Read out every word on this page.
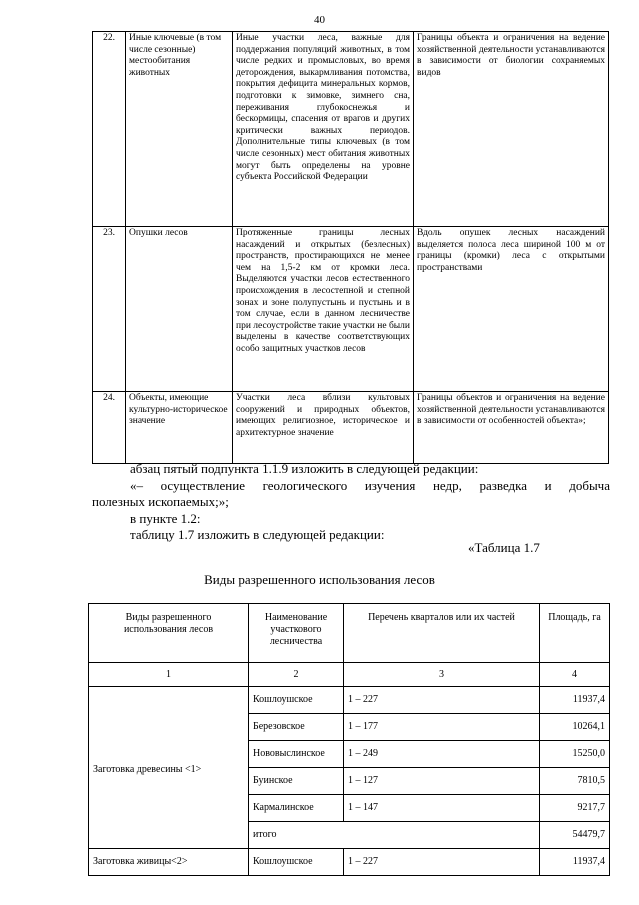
40
22.	Иные ключевые (в том числе сезонные) местообитания животных	Иные участки леса, важные для поддержания популяций животных, в том числе редких и промысловых, во время деторождения, выкармливания потомства, покрытия дефицита минеральных кормов, подготовки к зимовке, зимнего сна, переживания глубокоснежья и бескормицы, спасения от врагов и других критически важных периодов. Дополнительные типы ключевых (в том числе сезонных) мест обитания животных могут быть определены на уровне субъекта Российской Федерации	Границы объекта и ограничения на ведение хозяйственной деятельности устанавливаются в зависимости от биологии сохраняемых видов
23.	Опушки лесов	Протяженные границы лесных насаждений и открытых (безлесных) пространств, простирающихся не менее чем на 1,5-2 км от кромки леса. Выделяются участки лесов естественного происхождения в лесостепной и степной зонах и зоне полупустынь и пустынь и в том случае, если в данном лесничестве при лесоустройстве такие участки не были выделены в качестве соответствующих особо защитных участков лесов	Вдоль опушек лесных насаждений выделяется полоса леса шириной 100 м от границы (кромки) леса с открытыми пространствами
24.	Объекты, имеющие культурно-историческое значение	Участки леса вблизи культовых сооружений и природных объектов, имеющих религиозное, историческое и архитектурное значение	Границы объектов и ограничения на ведение хозяйственной деятельности устанавливаются в зависимости от особенностей объекта»;
абзац пятый подпункта 1.1.9 изложить в следующей редакции:
«– осуществление геологического изучения недр, разведка и добыча
полезных ископаемых;»;
в пункте 1.2:
таблицу 1.7 изложить в следующей редакции:
«Таблица 1.7
Виды разрешенного использования лесов
Виды разрешенного использования лесов	Наименование участкового лесничества	Перечень кварталов или их частей	Площадь, га
1	2	3	4
Заготовка древесины <1>	Кошлоушское	1 – 227	11937,4
	Березовское	1 – 177	10264,1
	Нововыслинское	1 – 249	15250,0
	Буинское	1 – 127	7810,5
	Кармалинское	1 – 147	9217,7
	итого		54479,7
Заготовка живицы<2>	Кошлоушское	1 – 227	11937,4
